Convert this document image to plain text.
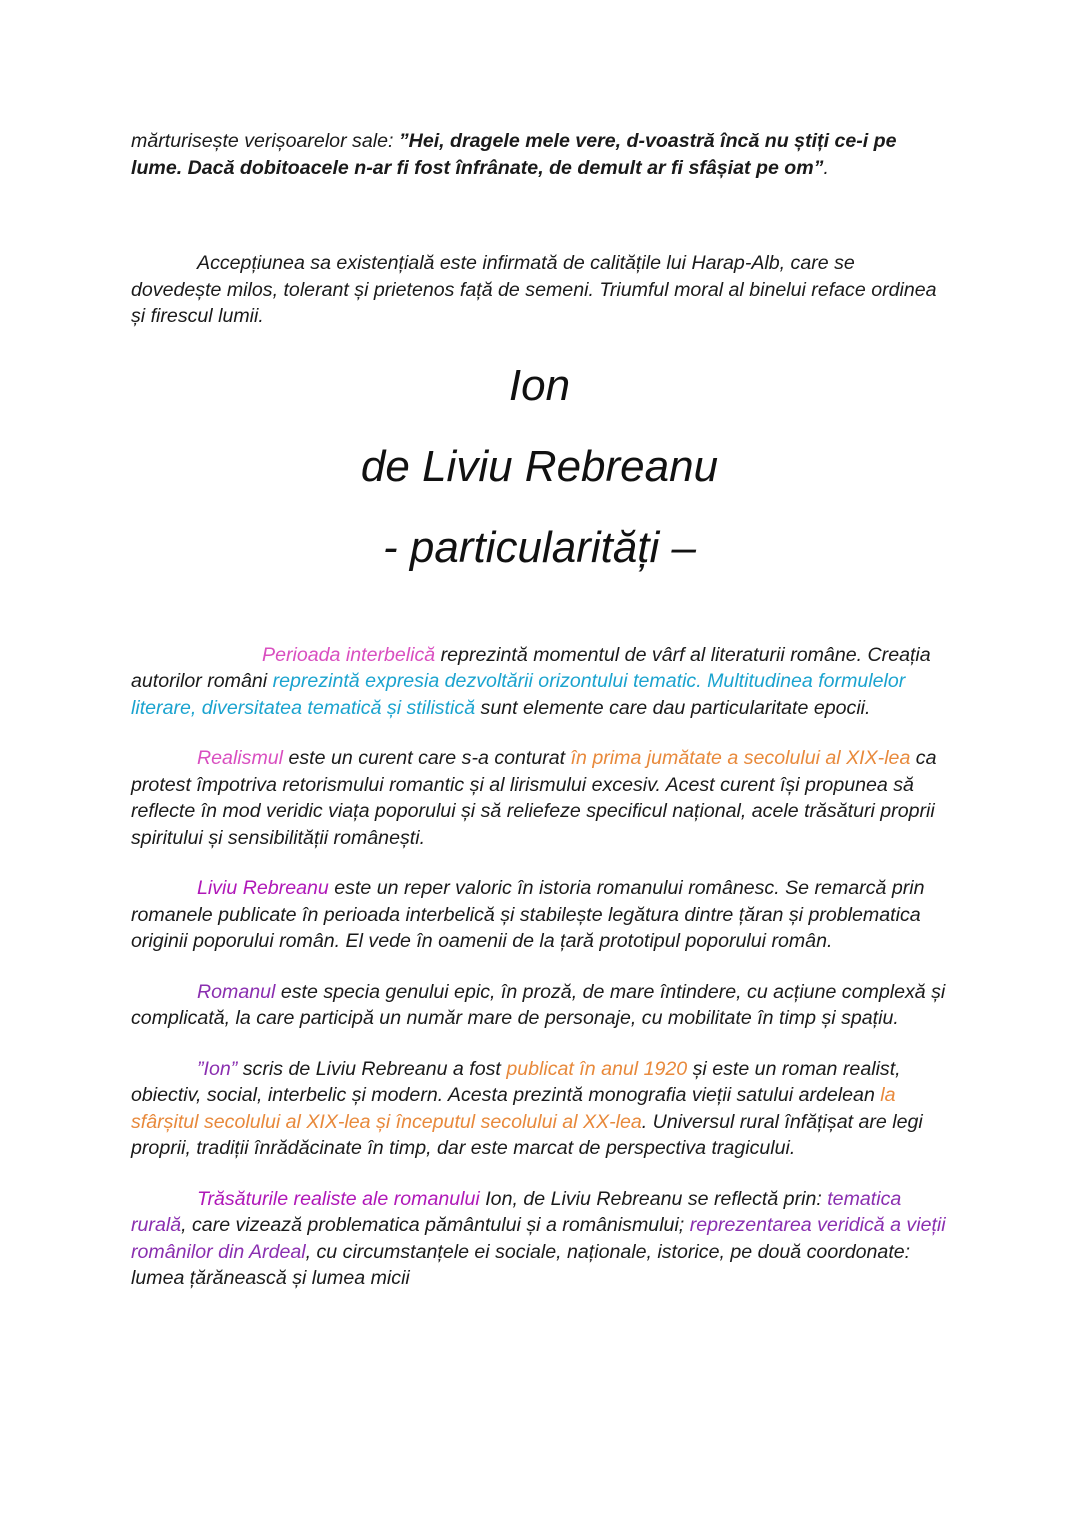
mărturisește verișoarelor sale: ”Hei, dragele mele vere, d-voastră încă nu știți ce-i pe lume. Dacă dobitoacele n-ar fi fost înfrânate, de demult ar fi sfâșiat pe om”.

Accepțiunea sa existențială este infirmată de calitățile lui Harap-Alb, care se dovedește milos, tolerant și prietenos față de semeni. Triumful moral al binelui reface ordinea și firescul lumii.

Ion
de Liviu Rebreanu
- particularități –

Perioada interbelică reprezintă momentul de vârf al literaturii române. Creația autorilor români reprezintă expresia dezvoltării orizontului tematic. Multitudinea formulelor literare, diversitatea tematică și stilistică sunt elemente care dau particularitate epocii.

Realismul este un curent care s-a conturat în prima jumătate a secolului al XIX-lea ca protest împotriva retorismului romantic și al lirismului excesiv. Acest curent își propunea să reflecte în mod veridic viața poporului și să reliefeze specificul național, acele trăsături proprii spiritului și sensibilității românești.

Liviu Rebreanu este un reper valoric în istoria romanului românesc. Se remarcă prin romanele publicate în perioada interbelică și stabilește legătura dintre țăran și problematica originii poporului român. El vede în oamenii de la țară prototipul poporului român.

Romanul este specia genului epic, în proză, de mare întindere, cu acțiune complexă și complicată, la care participă un număr mare de personaje, cu mobilitate în timp și spațiu.

”Ion” scris de Liviu Rebreanu a fost publicat în anul 1920 și este un roman realist, obiectiv, social, interbelic și modern. Acesta prezintă monografia vieții satului ardelean la sfârșitul secolului al XIX-lea și începutul secolului al XX-lea. Universul rural înfățișat are legi proprii, tradiții înrădăcinate în timp, dar este marcat de perspectiva tragicului.

Trăsăturile realiste ale romanului Ion, de Liviu Rebreanu se reflectă prin: tematica rurală, care vizează problematica pământului și a românismului; reprezentarea veridică a vieții românilor din Ardeal, cu circumstanțele ei sociale, naționale, istorice, pe două coordonate: lumea țărănească și lumea micii
